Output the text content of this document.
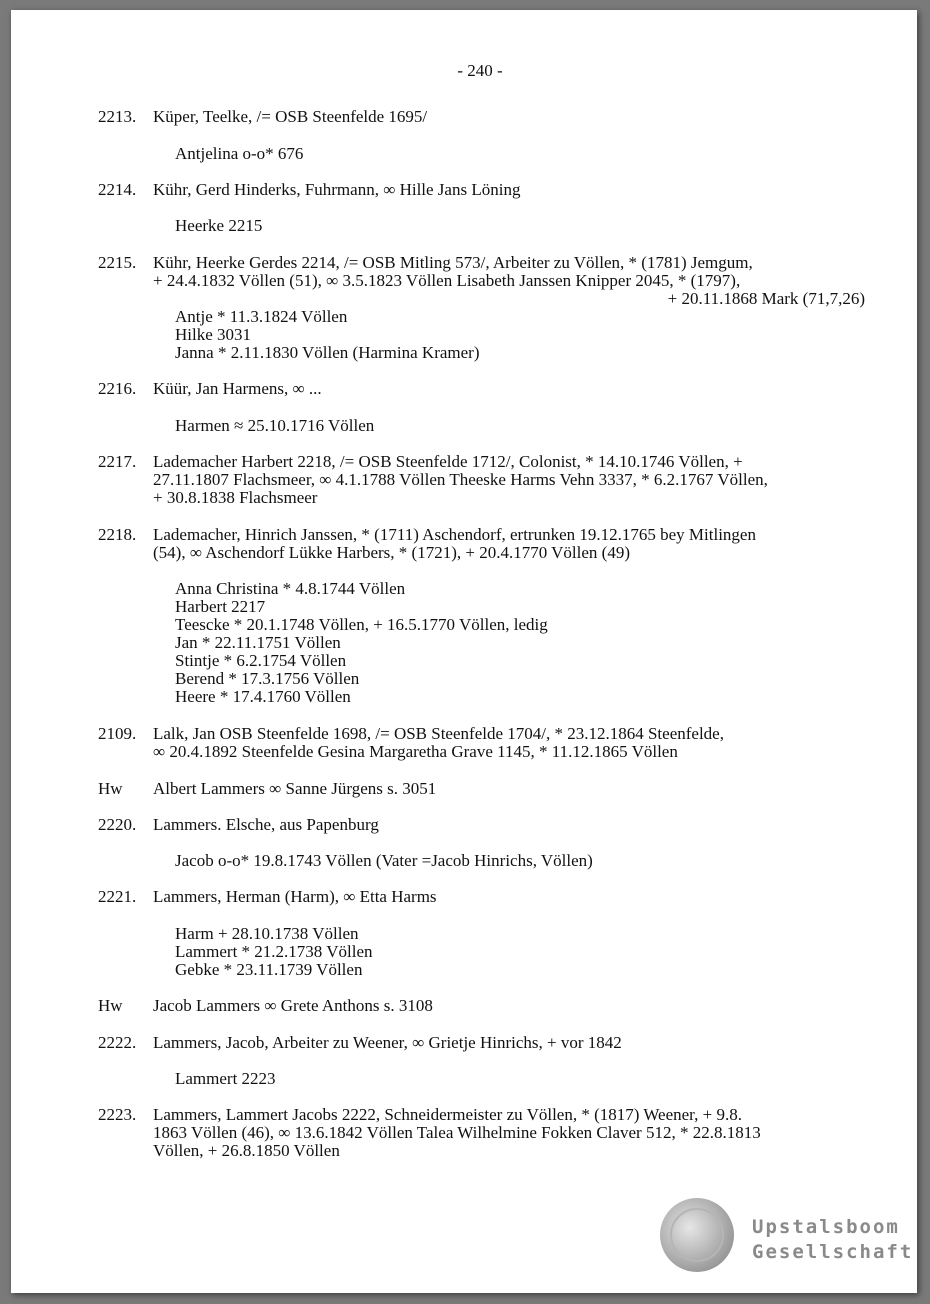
- 240 -
2213. Küper, Teelke, /= OSB Steenfelde 1695/
Antjelina o-o* 676
2214. Kühr, Gerd Hinderks, Fuhrmann, ∞ Hille Jans Löning
Heerke 2215
2215. Kühr, Heerke Gerdes 2214, /= OSB Mitling 573/, Arbeiter zu Völlen, * (1781) Jemgum,
+ 24.4.1832 Völlen (51), ∞ 3.5.1823 Völlen Lisabeth Janssen Knipper 2045, * (1797),
+ 20.11.1868 Mark (71,7,26)
Antje * 11.3.1824 Völlen
Hilke 3031
Janna * 2.11.1830 Völlen (Harmina Kramer)
2216. Küür, Jan Harmens, ∞ ...
Harmen ≈ 25.10.1716 Völlen
2217. Lademacher Harbert 2218, /= OSB Steenfelde 1712/, Colonist, * 14.10.1746 Völlen, +
27.11.1807 Flachsmeer, ∞ 4.1.1788 Völlen Theeske Harms Vehn 3337, * 6.2.1767 Völlen,
+ 30.8.1838 Flachsmeer
2218. Lademacher, Hinrich Janssen, * (1711) Aschendorf, ertrunken 19.12.1765 bey Mitlingen
(54), ∞ Aschendorf Lükke Harbers, * (1721), + 20.4.1770 Völlen (49)
Anna Christina * 4.8.1744 Völlen
Harbert 2217
Teescke * 20.1.1748 Völlen, + 16.5.1770 Völlen, ledig
Jan * 22.11.1751 Völlen
Stintje * 6.2.1754 Völlen
Berend * 17.3.1756 Völlen
Heere * 17.4.1760 Völlen
2109. Lalk, Jan OSB Steenfelde 1698, /= OSB Steenfelde 1704/, * 23.12.1864 Steenfelde,
∞ 20.4.1892 Steenfelde Gesina Margaretha Grave 1145, * 11.12.1865 Völlen
Hw	Albert Lammers ∞ Sanne Jürgens s. 3051
2220. Lammers. Elsche, aus Papenburg
Jacob o-o* 19.8.1743 Völlen (Vater =Jacob Hinrichs, Völlen)
2221. Lammers, Herman (Harm), ∞ Etta Harms
Harm + 28.10.1738 Völlen
Lammert * 21.2.1738 Völlen
Gebke * 23.11.1739 Völlen
Hw	Jacob Lammers ∞ Grete Anthons s. 3108
2222. Lammers, Jacob, Arbeiter zu Weener, ∞ Grietje Hinrichs, + vor 1842
Lammert 2223
2223. Lammers, Lammert Jacobs 2222, Schneidermeister zu Völlen, * (1817) Weener, + 9.8.
1863 Völlen (46), ∞ 13.6.1842 Völlen Talea Wilhelmine Fokken Claver 512, * 22.8.1813
Völlen, + 26.8.1850 Völlen
Upstalsboom
Gesellschaft
